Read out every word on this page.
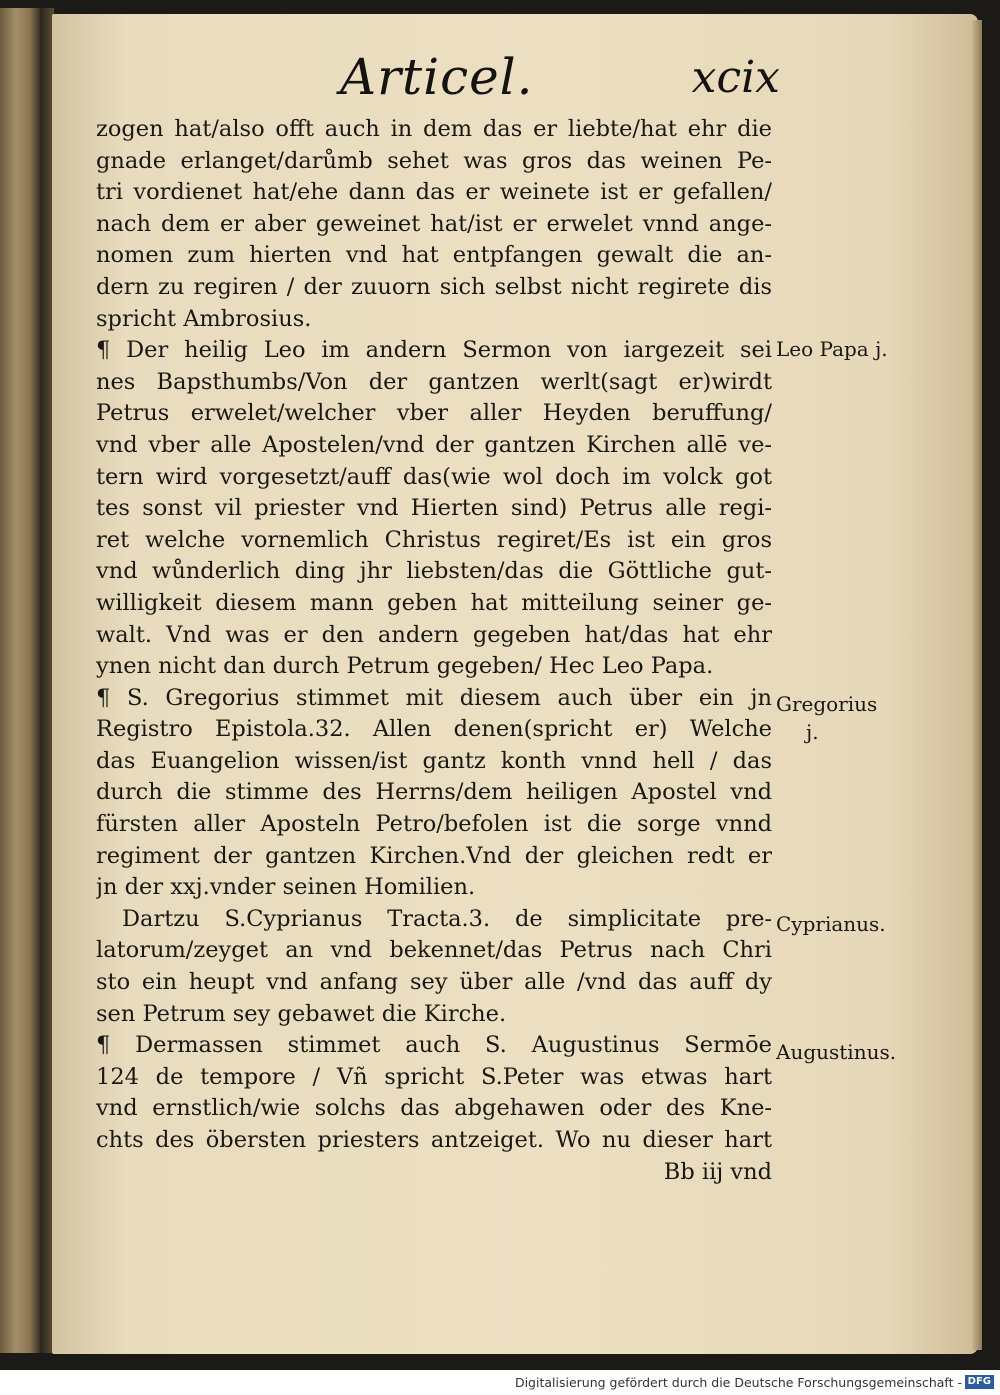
Articel.	xcix
zogen hat/also offt auch in dem das er liebte/hat ehr die
gnade erlanget/darůmb sehet was gros das weinen Pe-
tri vordienet hat/ehe dann das er weinete ist er gefallen/
nach dem er aber geweinet hat/ist er erwelet vnnd ange-
nomen zum hierten vnd hat entpfangen gewalt die an-
dern zu regiren / der zuuorn sich selbst nicht regirete dis
spricht Ambrosius.
¶ Der heilig Leo im andern Sermon von iargezeit sei
nes Bapsthumbs/Von der gantzen werlt(sagt er)wirdt
Petrus erwelet/welcher vber aller Heyden beruffung/
vnd vber alle Apostelen/vnd der gantzen Kirchen allē ve-
tern wird vorgesetzt/auff das(wie wol doch im volck got
tes sonst vil priester vnd Hierten sind) Petrus alle regi-
ret welche vornemlich Christus regiret/Es ist ein gros
vnd wůnderlich ding jhr liebsten/das die Göttliche gut-
willigkeit diesem mann geben hat mitteilung seiner ge-
walt. Vnd was er den andern gegeben hat/das hat ehr
ynen nicht dan durch Petrum gegeben/ Hec Leo Papa.
¶ S. Gregorius stimmet mit diesem auch über ein jn
Registro Epistola.32. Allen denen(spricht er) Welche
das Euangelion wissen/ist gantz konth vnnd hell / das
durch die stimme des Herrns/dem heiligen Apostel vnd
fürsten aller Aposteln Petro/befolen ist die sorge vnnd
regiment der gantzen Kirchen.Vnd der gleichen redt er
jn der xxj.vnder seinen Homilien.
Dartzu S.Cyprianus Tracta.3. de simplicitate pre-
latorum/zeyget an vnd bekennet/das Petrus nach Chri
sto ein heupt vnd anfang sey über alle /vnd das auff dy
sen Petrum sey gebawet die Kirche.
¶ Dermassen stimmet auch S. Augustinus Sermōe
124 de tempore / Vñ spricht S.Peter was etwas hart
vnd ernstlich/wie solchs das abgehawen oder des Kne-
chts des öbersten priesters antzeiget. Wo nu dieser hart
Bb iij vnd
Leo Papa j.
Gregorius
j.
Cyprianus.
Augustinus.
Digitalisierung gefördert durch die Deutsche Forschungsgemeinschaft - DFG
